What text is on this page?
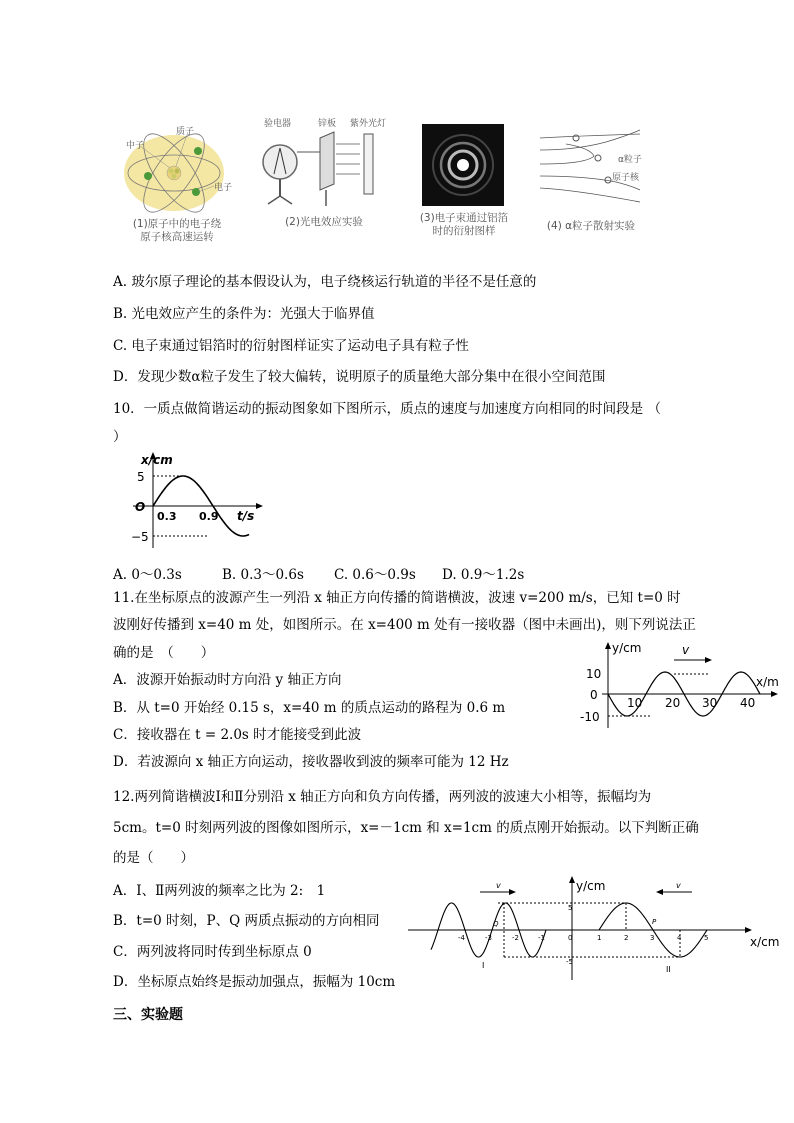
中子
质子
电子
(1)原子中的电子绕
原子核高速运转
验电器	锌板 紫外光灯
(2)光电效应实验	(3)电子束通过铝箔
时的衍射图样
α粒子
原子核
(4) α粒子散射实验
A. 玻尔原子理论的基本假设认为，电子绕核运行轨道的半径不是任意的
B. 光电效应产生的条件为：光强大于临界值
C. 电子束通过铝箔时的衍射图样证实了运动电子具有粒子性
D．发现少数α粒子发生了较大偏转，说明原子的质量绝大部分集中在很小空间范围
10．一质点做简谐运动的振动图象如下图所示，质点的速度与加速度方向相同的时间段是 （
）
x/cm
t/s
O
5
−5
0.3 0.9
A. 0～0.3s	B. 0.3～0.6s C. 0.6～0.9s D. 0.9～1.2s
11.在坐标原点的波源产生一列沿 x 轴正方向传播的简谐横波，波速 v=200 m/s，已知 t=0 时
波刚好传播到 x=40 m 处，如图所示。在 x=400 m 处有一接收器（图中未画出)，则下列说法正
确的是　（　　）
A．波源开始振动时方向沿 y 轴正方向
B．从 t=0 开始经 0.15 s，x=40 m 的质点运动的路程为 0.6 m
C．接收器在 t = 2.0s 时才能接受到此波
D．若波源向 x 轴正方向运动，接收器收到波的频率可能为 12 Hz
v
y/cm
x/m
10
0
-10
10 20 30 40
12.两列简谐横波Ⅰ和Ⅱ分别沿 x 轴正方向和负方向传播，两列波的波速大小相等，振幅均为
5cm。t=0 时刻两列波的图像如图所示，x=－1cm 和 x=1cm 的质点刚开始振动。以下判断正确
的是（　　）
A．I、Ⅱ两列波的频率之比为 2:　1
B．t=0 时刻，P、Q 两质点振动的方向相同
C．两列波将同时传到坐标原点 0
D．坐标原点始终是振动加强点，振幅为 10cm
v	v
y/cm
x/cm
Q	P
I	II
0
5
-5
-4	-3	-2	-1	1	2	3	4	5
三、实验题
